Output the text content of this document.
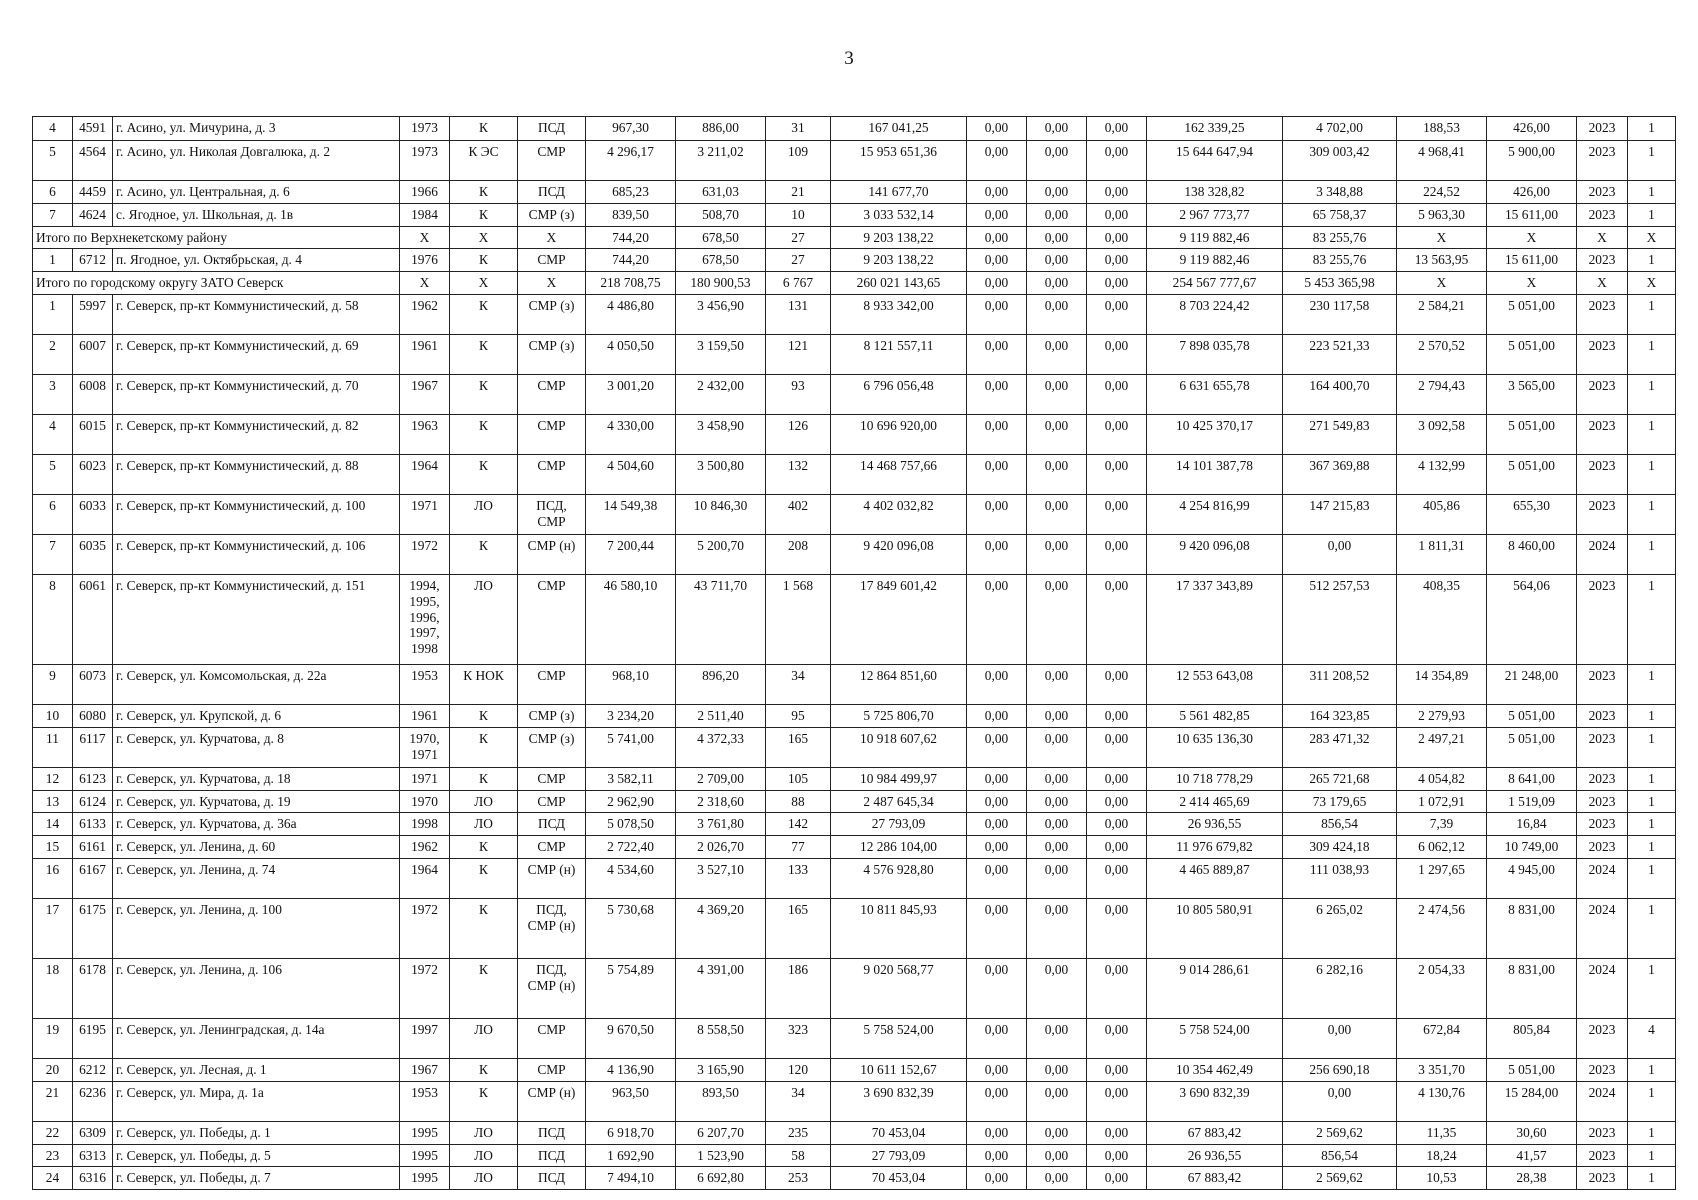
3
4	4591	г. Асино, ул. Мичурина, д. 3	1973	К	ПСД	967,30	886,00	31	167 041,25	0,00	0,00	0,00	162 339,25	4 702,00	188,53	426,00	2023	1
5	4564	г. Асино, ул. Николая Довгалюка, д. 2	1973	К ЭС	СМР	4 296,17	3 211,02	109	15 953 651,36	0,00	0,00	0,00	15 644 647,94	309 003,42	4 968,41	5 900,00	2023	1
6	4459	г. Асино, ул. Центральная, д. 6	1966	К	ПСД	685,23	631,03	21	141 677,70	0,00	0,00	0,00	138 328,82	3 348,88	224,52	426,00	2023	1
7	4624	с. Ягодное, ул. Школьная, д. 1в	1984	К	СМР (з)	839,50	508,70	10	3 033 532,14	0,00	0,00	0,00	2 967 773,77	65 758,37	5 963,30	15 611,00	2023	1
Итого по Верхнекетскому району			X	X	X	744,20	678,50	27	9 203 138,22	0,00	0,00	0,00	9 119 882,46	83 255,76	X	X	X	X
1	6712	п. Ягодное, ул. Октябрьская, д. 4	1976	К	СМР	744,20	678,50	27	9 203 138,22	0,00	0,00	0,00	9 119 882,46	83 255,76	13 563,95	15 611,00	2023	1
Итого по городскому округу ЗАТО Северск			X	X	X	218 708,75	180 900,53	6 767	260 021 143,65	0,00	0,00	0,00	254 567 777,67	5 453 365,98	X	X	X	X
1	5997	г. Северск, пр-кт Коммунистический, д. 58	1962	К	СМР (з)	4 486,80	3 456,90	131	8 933 342,00	0,00	0,00	0,00	8 703 224,42	230 117,58	2 584,21	5 051,00	2023	1
2	6007	г. Северск, пр-кт Коммунистический, д. 69	1961	К	СМР (з)	4 050,50	3 159,50	121	8 121 557,11	0,00	0,00	0,00	7 898 035,78	223 521,33	2 570,52	5 051,00	2023	1
3	6008	г. Северск, пр-кт Коммунистический, д. 70	1967	К	СМР	3 001,20	2 432,00	93	6 796 056,48	0,00	0,00	0,00	6 631 655,78	164 400,70	2 794,43	3 565,00	2023	1
4	6015	г. Северск, пр-кт Коммунистический, д. 82	1963	К	СМР	4 330,00	3 458,90	126	10 696 920,00	0,00	0,00	0,00	10 425 370,17	271 549,83	3 092,58	5 051,00	2023	1
5	6023	г. Северск, пр-кт Коммунистический, д. 88	1964	К	СМР	4 504,60	3 500,80	132	14 468 757,66	0,00	0,00	0,00	14 101 387,78	367 369,88	4 132,99	5 051,00	2023	1
6	6033	г. Северск, пр-кт Коммунистический, д. 100	1971	ЛО	ПСД, СМР	14 549,38	10 846,30	402	4 402 032,82	0,00	0,00	0,00	4 254 816,99	147 215,83	405,86	655,30	2023	1
7	6035	г. Северск, пр-кт Коммунистический, д. 106	1972	К	СМР (н)	7 200,44	5 200,70	208	9 420 096,08	0,00	0,00	0,00	9 420 096,08	0,00	1 811,31	8 460,00	2024	1
8	6061	г. Северск, пр-кт Коммунистический, д. 151	1994, 1995, 1996, 1997, 1998	ЛО	СМР	46 580,10	43 711,70	1 568	17 849 601,42	0,00	0,00	0,00	17 337 343,89	512 257,53	408,35	564,06	2023	1
9	6073	г. Северск, ул. Комсомольская, д. 22а	1953	К НОК	СМР	968,10	896,20	34	12 864 851,60	0,00	0,00	0,00	12 553 643,08	311 208,52	14 354,89	21 248,00	2023	1
10	6080	г. Северск, ул. Крупской, д. 6	1961	К	СМР (з)	3 234,20	2 511,40	95	5 725 806,70	0,00	0,00	0,00	5 561 482,85	164 323,85	2 279,93	5 051,00	2023	1
11	6117	г. Северск, ул. Курчатова, д. 8	1970, 1971	К	СМР (з)	5 741,00	4 372,33	165	10 918 607,62	0,00	0,00	0,00	10 635 136,30	283 471,32	2 497,21	5 051,00	2023	1
12	6123	г. Северск, ул. Курчатова, д. 18	1971	К	СМР	3 582,11	2 709,00	105	10 984 499,97	0,00	0,00	0,00	10 718 778,29	265 721,68	4 054,82	8 641,00	2023	1
13	6124	г. Северск, ул. Курчатова, д. 19	1970	ЛО	СМР	2 962,90	2 318,60	88	2 487 645,34	0,00	0,00	0,00	2 414 465,69	73 179,65	1 072,91	1 519,09	2023	1
14	6133	г. Северск, ул. Курчатова, д. 36а	1998	ЛО	ПСД	5 078,50	3 761,80	142	27 793,09	0,00	0,00	0,00	26 936,55	856,54	7,39	16,84	2023	1
15	6161	г. Северск, ул. Ленина, д. 60	1962	К	СМР	2 722,40	2 026,70	77	12 286 104,00	0,00	0,00	0,00	11 976 679,82	309 424,18	6 062,12	10 749,00	2023	1
16	6167	г. Северск, ул. Ленина, д. 74	1964	К	СМР (н)	4 534,60	3 527,10	133	4 576 928,80	0,00	0,00	0,00	4 465 889,87	111 038,93	1 297,65	4 945,00	2024	1
17	6175	г. Северск, ул. Ленина, д. 100	1972	К	ПСД, СМР (н)	5 730,68	4 369,20	165	10 811 845,93	0,00	0,00	0,00	10 805 580,91	6 265,02	2 474,56	8 831,00	2024	1
18	6178	г. Северск, ул. Ленина, д. 106	1972	К	ПСД, СМР (н)	5 754,89	4 391,00	186	9 020 568,77	0,00	0,00	0,00	9 014 286,61	6 282,16	2 054,33	8 831,00	2024	1
19	6195	г. Северск, ул. Ленинградская, д. 14а	1997	ЛО	СМР	9 670,50	8 558,50	323	5 758 524,00	0,00	0,00	0,00	5 758 524,00	0,00	672,84	805,84	2023	4
20	6212	г. Северск, ул. Лесная, д. 1	1967	К	СМР	4 136,90	3 165,90	120	10 611 152,67	0,00	0,00	0,00	10 354 462,49	256 690,18	3 351,70	5 051,00	2023	1
21	6236	г. Северск, ул. Мира, д. 1а	1953	К	СМР (н)	963,50	893,50	34	3 690 832,39	0,00	0,00	0,00	3 690 832,39	0,00	4 130,76	15 284,00	2024	1
22	6309	г. Северск, ул. Победы, д. 1	1995	ЛО	ПСД	6 918,70	6 207,70	235	70 453,04	0,00	0,00	0,00	67 883,42	2 569,62	11,35	30,60	2023	1
23	6313	г. Северск, ул. Победы, д. 5	1995	ЛО	ПСД	1 692,90	1 523,90	58	27 793,09	0,00	0,00	0,00	26 936,55	856,54	18,24	41,57	2023	1
24	6316	г. Северск, ул. Победы, д. 7	1995	ЛО	ПСД	7 494,10	6 692,80	253	70 453,04	0,00	0,00	0,00	67 883,42	2 569,62	10,53	28,38	2023	1
